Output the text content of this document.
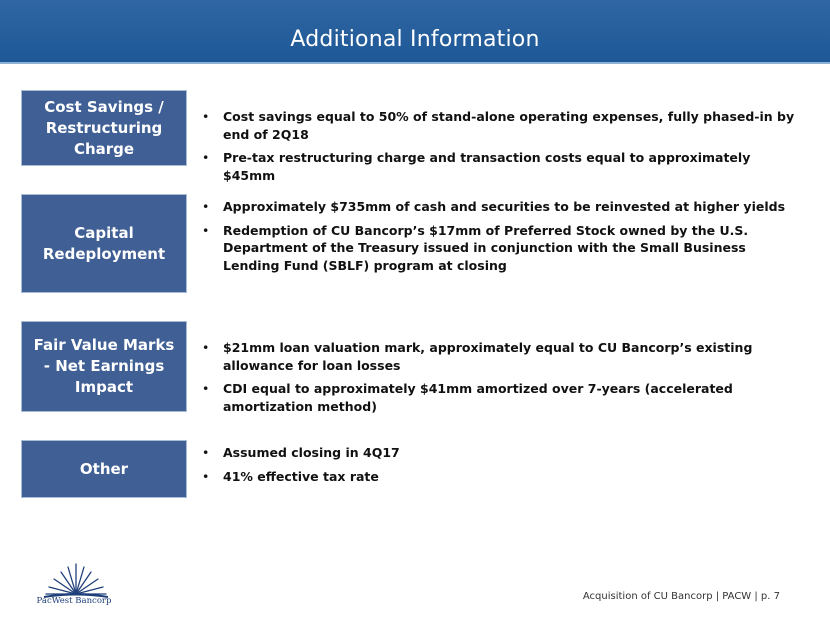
Additional Information
Cost Savings / Restructuring Charge
• Cost savings equal to 50% of stand-alone operating expenses, fully phased-in by end of 2Q18
• Pre-tax restructuring charge and transaction costs equal to approximately $45mm
Capital Redeployment
• Approximately $735mm of cash and securities to be reinvested at higher yields
• Redemption of CU Bancorp’s $17mm of Preferred Stock owned by the U.S. Department of the Treasury issued in conjunction with the Small Business Lending Fund (SBLF) program at closing
Fair Value Marks - Net Earnings Impact
• $21mm loan valuation mark, approximately equal to CU Bancorp’s existing allowance for loan losses
• CDI equal to approximately $41mm amortized over 7-years (accelerated amortization method)
Other
• Assumed closing in 4Q17
• 41% effective tax rate
PacWest Bancorp	Acquisition of CU Bancorp | PACW | p. 7
